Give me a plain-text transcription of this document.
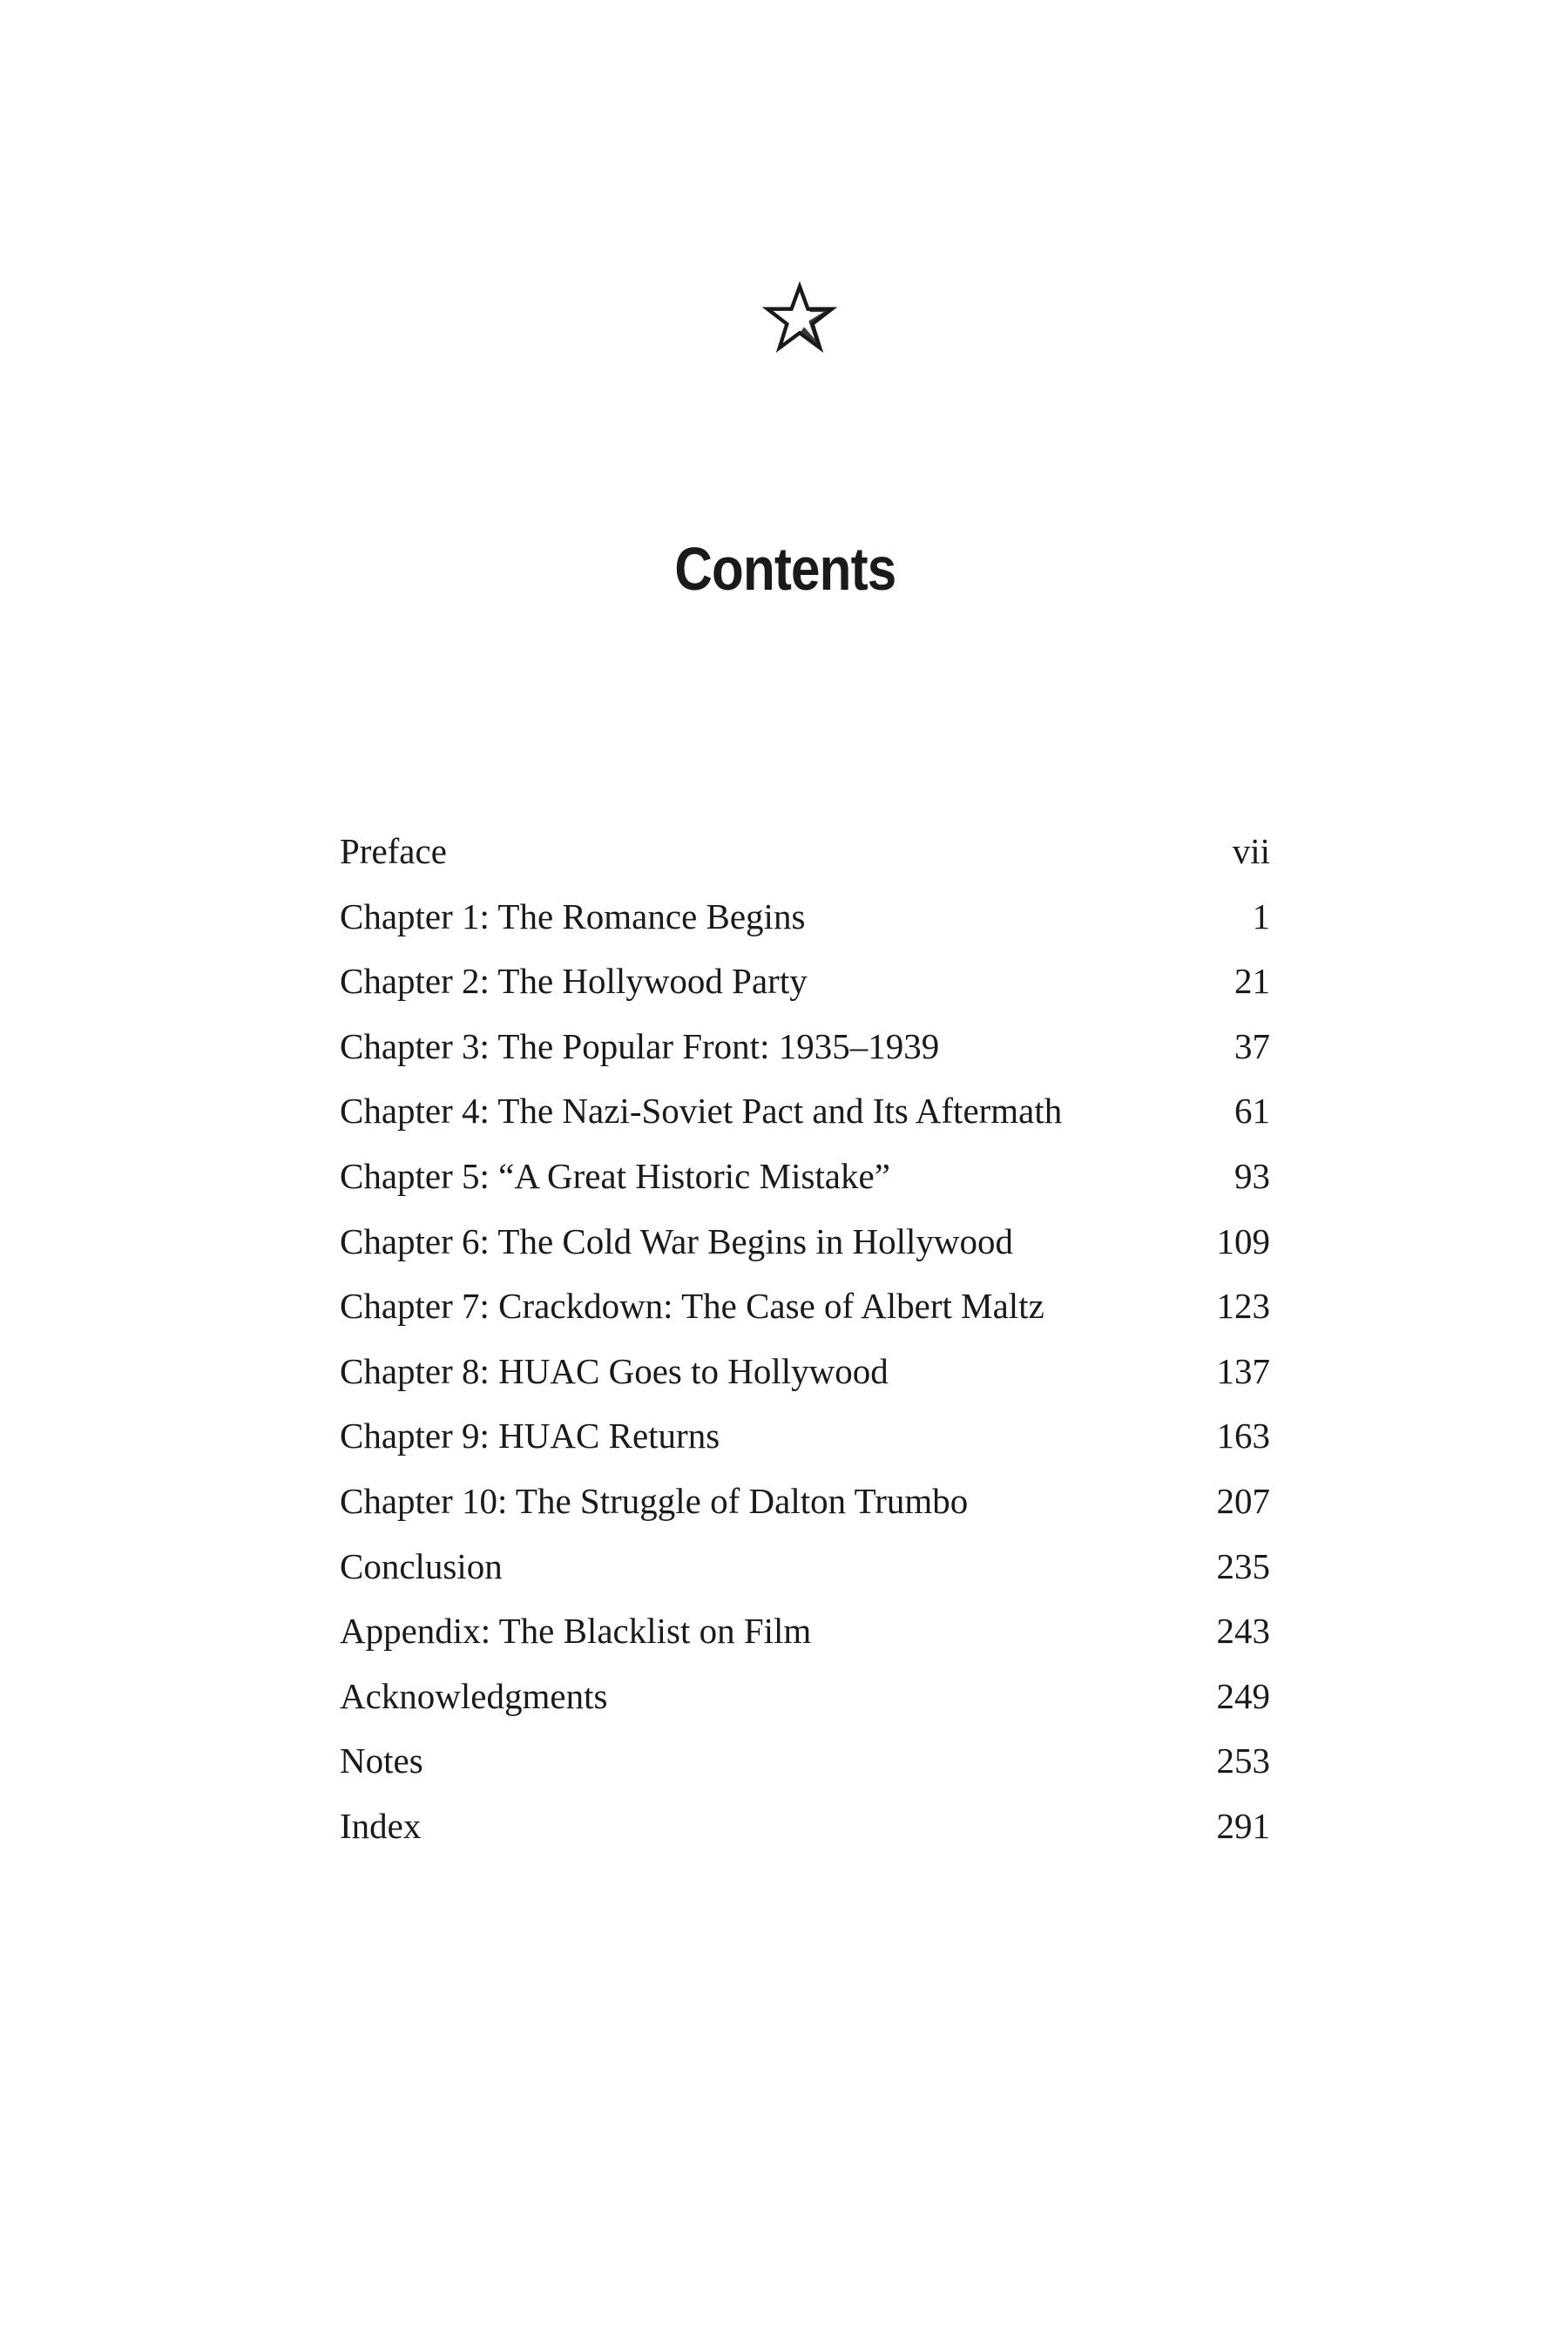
Contents
Preface	vii
Chapter 1: The Romance Begins	1
Chapter 2: The Hollywood Party	21
Chapter 3: The Popular Front: 1935–1939	37
Chapter 4: The Nazi-Soviet Pact and Its Aftermath	61
Chapter 5: “A Great Historic Mistake”	93
Chapter 6: The Cold War Begins in Hollywood	109
Chapter 7: Crackdown: The Case of Albert Maltz	123
Chapter 8: HUAC Goes to Hollywood	137
Chapter 9: HUAC Returns	163
Chapter 10: The Struggle of Dalton Trumbo	207
Conclusion	235
Appendix: The Blacklist on Film	243
Acknowledgments	249
Notes	253
Index	291
